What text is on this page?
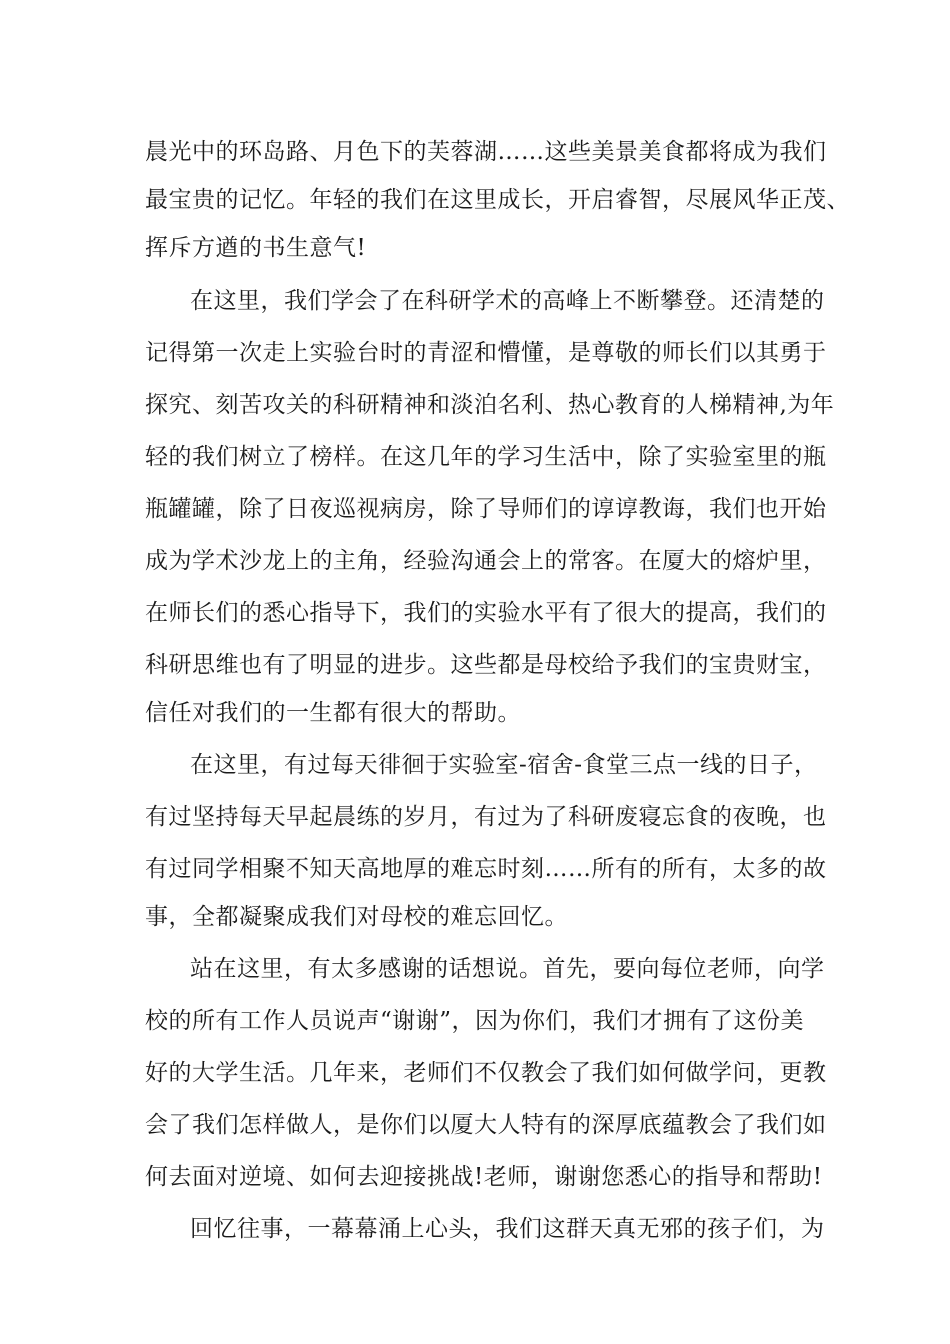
晨光中的环岛路、月色下的芙蓉湖……这些美景美食都将成为我们
最宝贵的记忆。年轻的我们在这里成长，开启睿智，尽展风华正茂、
挥斥方遒的书生意气!
在这里，我们学会了在科研学术的高峰上不断攀登。还清楚的
记得第一次走上实验台时的青涩和懵懂，是尊敬的师长们以其勇于
探究、刻苦攻关的科研精神和淡泊名利、热心教育的人梯精神,为年
轻的我们树立了榜样。在这几年的学习生活中，除了实验室里的瓶
瓶罐罐，除了日夜巡视病房，除了导师们的谆谆教诲，我们也开始
成为学术沙龙上的主角，经验沟通会上的常客。在厦大的熔炉里，
在师长们的悉心指导下，我们的实验水平有了很大的提高，我们的
科研思维也有了明显的进步。这些都是母校给予我们的宝贵财宝，
信任对我们的一生都有很大的帮助。
在这里，有过每天徘徊于实验室-宿舍-食堂三点一线的日子，
有过坚持每天早起晨练的岁月，有过为了科研废寝忘食的夜晚，也
有过同学相聚不知天高地厚的难忘时刻……所有的所有，太多的故
事，全都凝聚成我们对母校的难忘回忆。
站在这里，有太多感谢的话想说。首先，要向每位老师，向学
校的所有工作人员说声“谢谢”，因为你们，我们才拥有了这份美
好的大学生活。几年来，老师们不仅教会了我们如何做学问，更教
会了我们怎样做人，是你们以厦大人特有的深厚底蕴教会了我们如
何去面对逆境、如何去迎接挑战!老师，谢谢您悉心的指导和帮助!
回忆往事，一幕幕涌上心头，我们这群天真无邪的孩子们，为
